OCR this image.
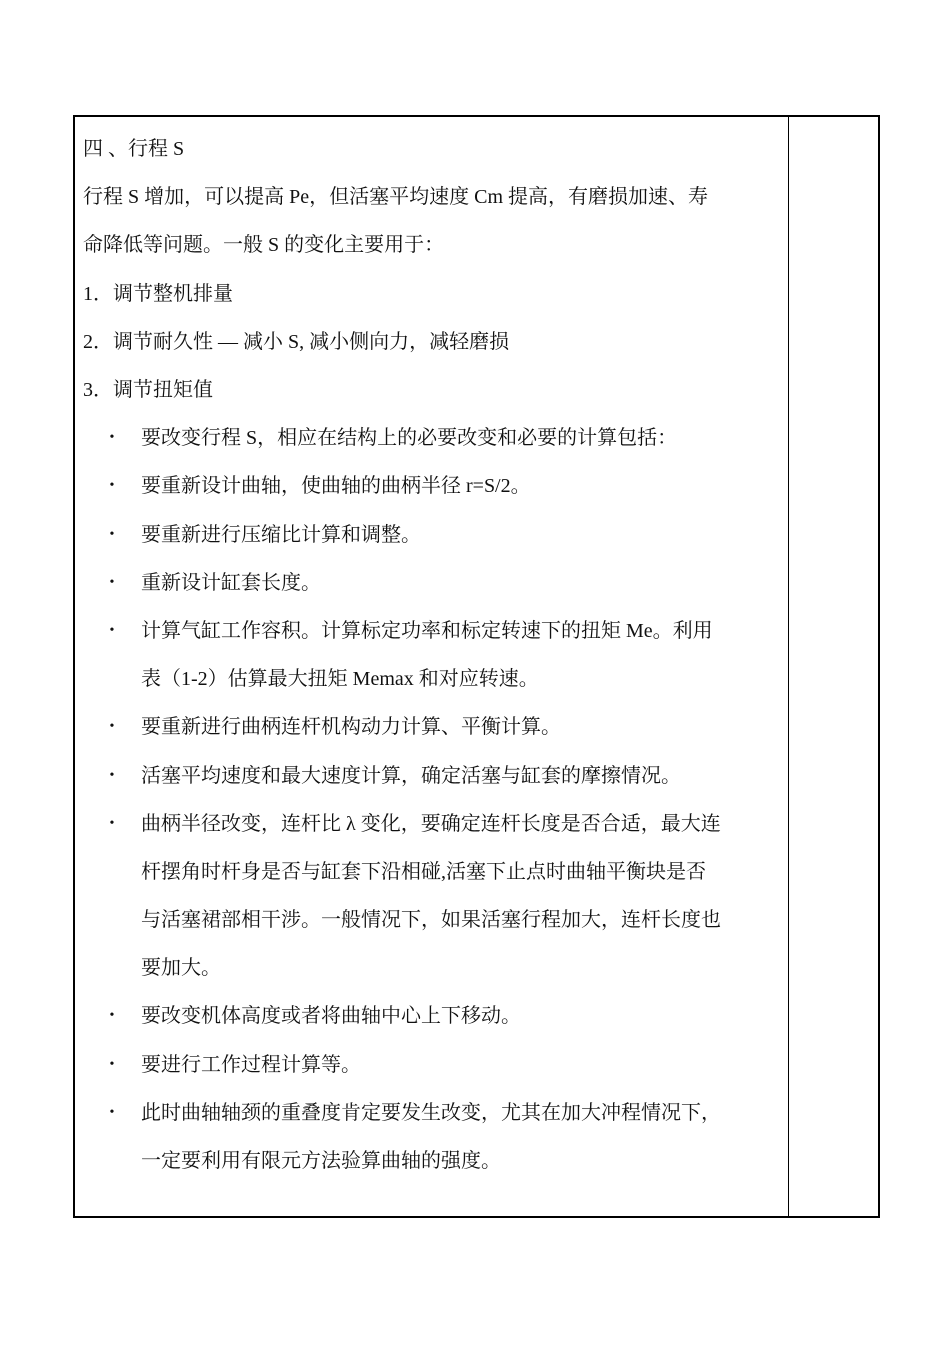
四 、行程 S
行程 S 增加，可以提高 Pe，但活塞平均速度 Cm 提高，有磨损加速、寿
命降低等问题。一般 S 的变化主要用于：
1．调节整机排量
2．调节耐久性 — 减小 S, 减小侧向力，减轻磨损
3．调节扭矩值
•	要改变行程 S，相应在结构上的必要改变和必要的计算包括：
•	要重新设计曲轴，使曲轴的曲柄半径 r=S/2。
•	要重新进行压缩比计算和调整。
•	重新设计缸套长度。
•	计算气缸工作容积。计算标定功率和标定转速下的扭矩 Me。利用
表（1-2）估算最大扭矩 Memax 和对应转速。
•	要重新进行曲柄连杆机构动力计算、平衡计算。
•	活塞平均速度和最大速度计算，确定活塞与缸套的摩擦情况。
•	曲柄半径改变，连杆比 λ 变化，要确定连杆长度是否合适，最大连
杆摆角时杆身是否与缸套下沿相碰,活塞下止点时曲轴平衡块是否
与活塞裙部相干涉。一般情况下，如果活塞行程加大，连杆长度也
要加大。
•	要改变机体高度或者将曲轴中心上下移动。
•	要进行工作过程计算等。
•	此时曲轴轴颈的重叠度肯定要发生改变，尤其在加大冲程情况下，
一定要利用有限元方法验算曲轴的强度。
